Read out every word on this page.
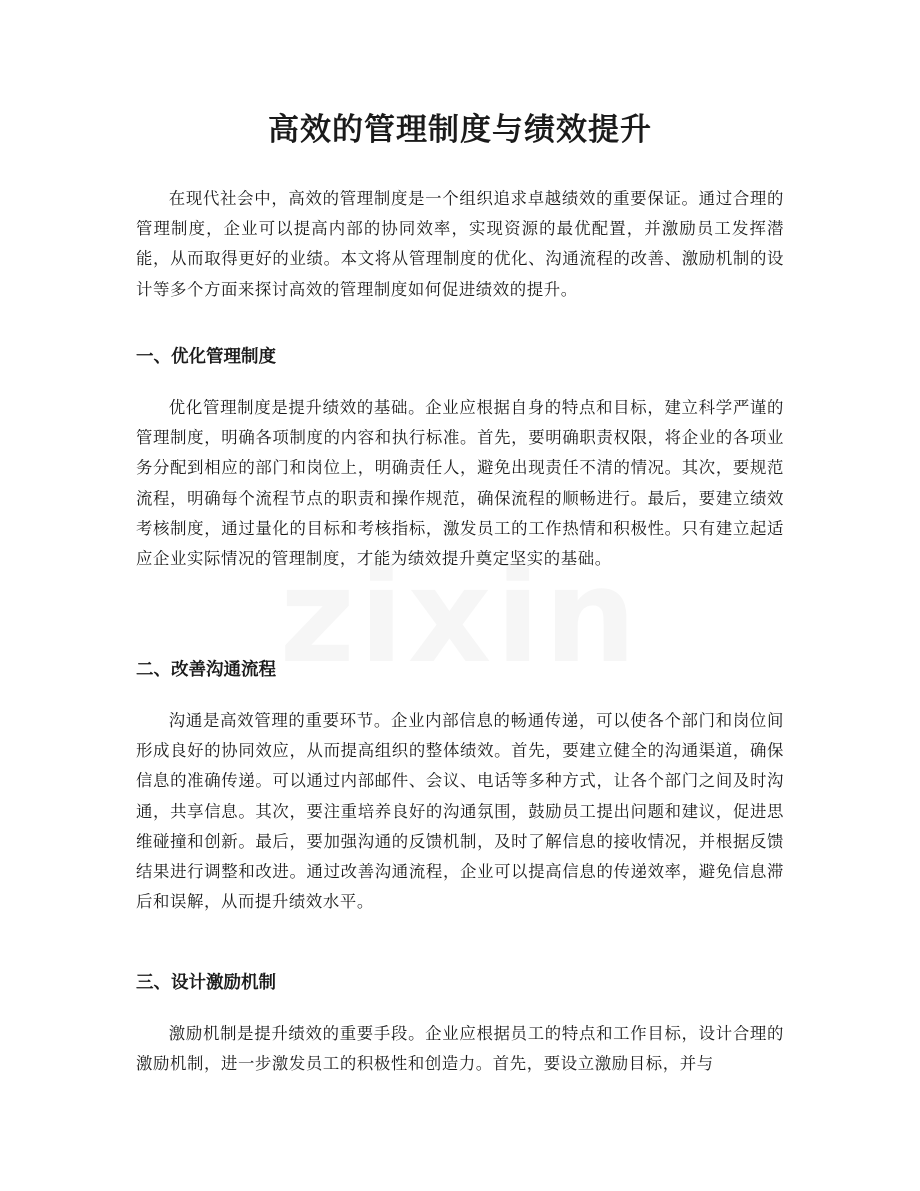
高效的管理制度与绩效提升

在现代社会中，高效的管理制度是一个组织追求卓越绩效的重要保证。通过合理的管理制度，企业可以提高内部的协同效率，实现资源的最优配置，并激励员工发挥潜能，从而取得更好的业绩。本文将从管理制度的优化、沟通流程的改善、激励机制的设计等多个方面来探讨高效的管理制度如何促进绩效的提升。

一、优化管理制度

优化管理制度是提升绩效的基础。企业应根据自身的特点和目标，建立科学严谨的管理制度，明确各项制度的内容和执行标准。首先，要明确职责权限，将企业的各项业务分配到相应的部门和岗位上，明确责任人，避免出现责任不清的情况。其次，要规范流程，明确每个流程节点的职责和操作规范，确保流程的顺畅进行。最后，要建立绩效考核制度，通过量化的目标和考核指标，激发员工的工作热情和积极性。只有建立起适应企业实际情况的管理制度，才能为绩效提升奠定坚实的基础。

二、改善沟通流程

沟通是高效管理的重要环节。企业内部信息的畅通传递，可以使各个部门和岗位间形成良好的协同效应，从而提高组织的整体绩效。首先，要建立健全的沟通渠道，确保信息的准确传递。可以通过内部邮件、会议、电话等多种方式，让各个部门之间及时沟通，共享信息。其次，要注重培养良好的沟通氛围，鼓励员工提出问题和建议，促进思维碰撞和创新。最后，要加强沟通的反馈机制，及时了解信息的接收情况，并根据反馈结果进行调整和改进。通过改善沟通流程，企业可以提高信息的传递效率，避免信息滞后和误解，从而提升绩效水平。

三、设计激励机制

激励机制是提升绩效的重要手段。企业应根据员工的特点和工作目标，设计合理的激励机制，进一步激发员工的积极性和创造力。首先，要设立激励目标，并与
